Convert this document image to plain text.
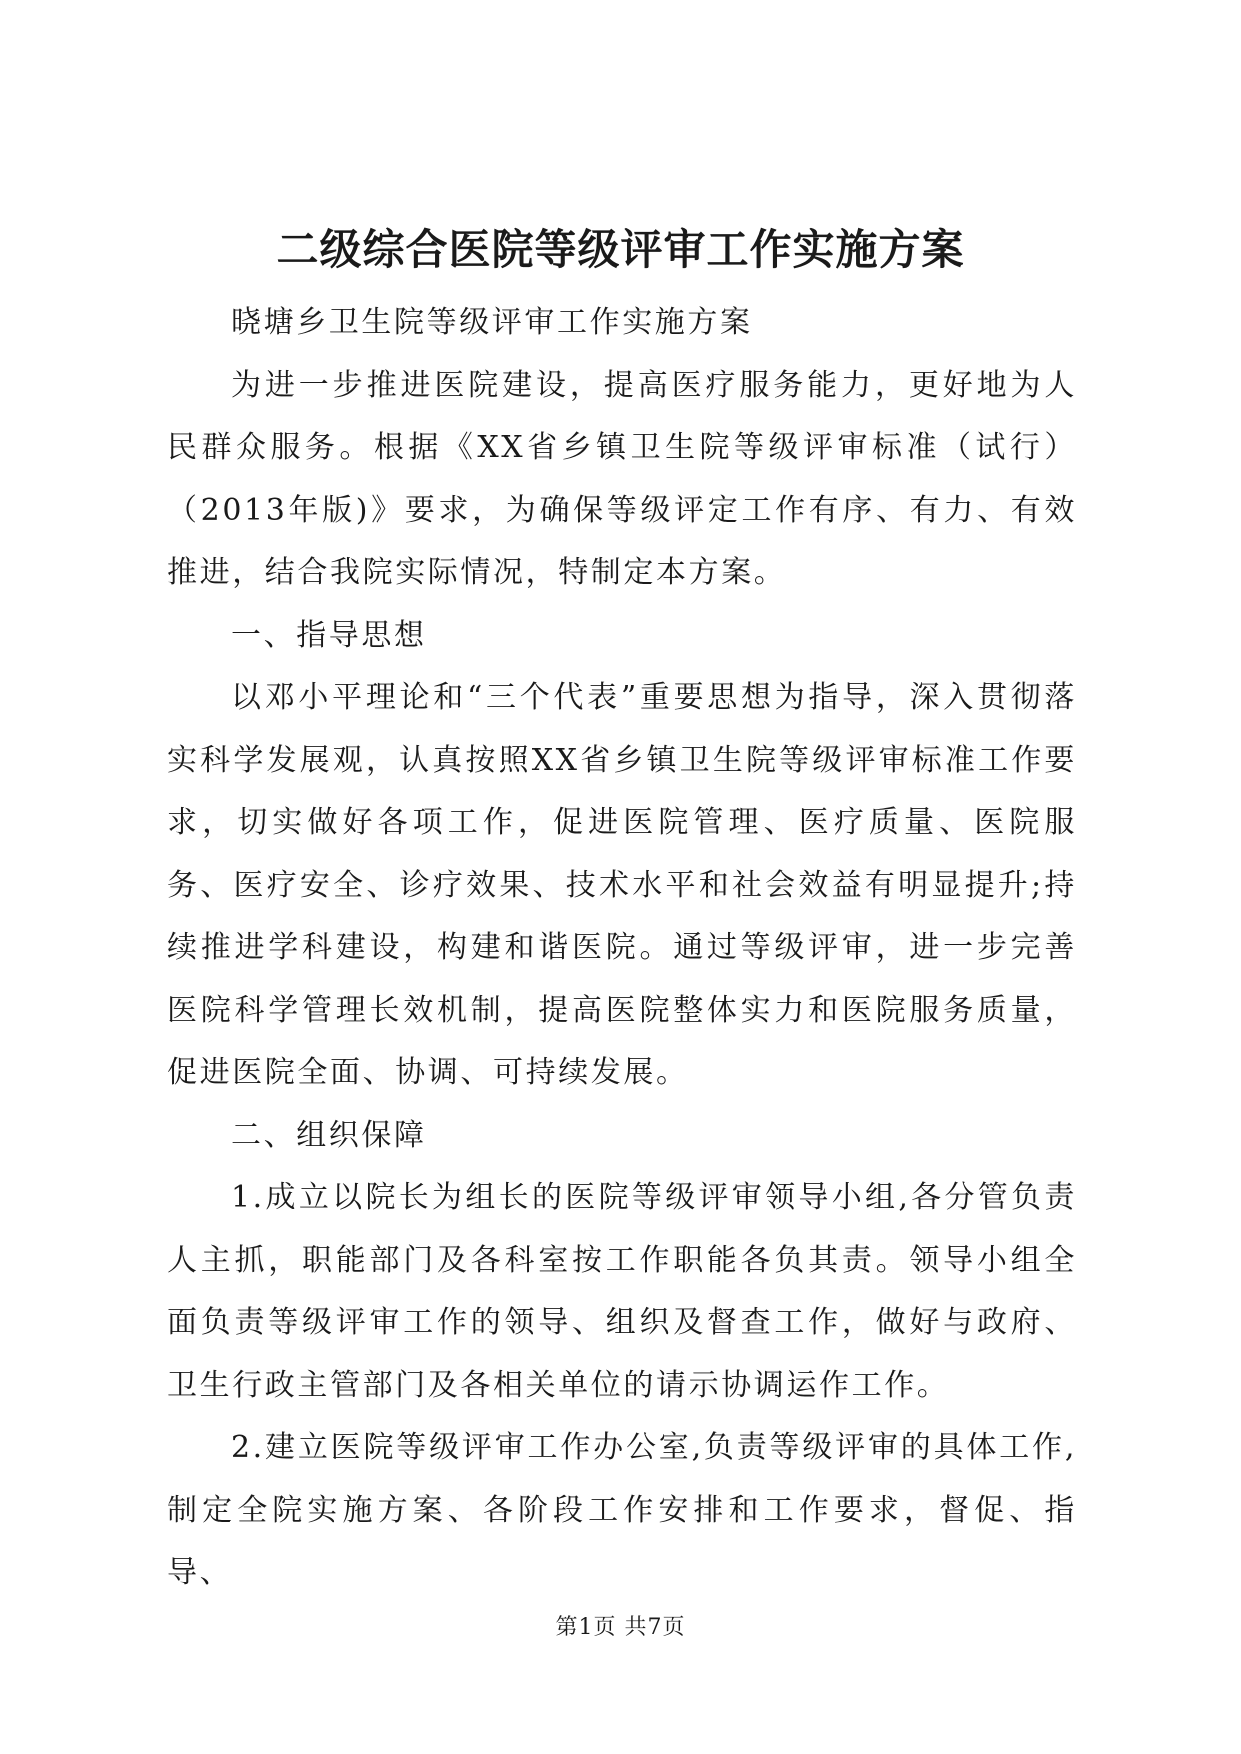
二级综合医院等级评审工作实施方案

晓塘乡卫生院等级评审工作实施方案

为进一步推进医院建设，提高医疗服务能力，更好地为人民群众服务。根据《XX省乡镇卫生院等级评审标准（试行）（2013年版)》要求，为确保等级评定工作有序、有力、有效推进，结合我院实际情况，特制定本方案。

一、指导思想

以邓小平理论和“三个代表”重要思想为指导，深入贯彻落实科学发展观，认真按照XX省乡镇卫生院等级评审标准工作要求，切实做好各项工作，促进医院管理、医疗质量、医院服务、医疗安全、诊疗效果、技术水平和社会效益有明显提升;持续推进学科建设，构建和谐医院。通过等级评审，进一步完善医院科学管理长效机制，提高医院整体实力和医院服务质量，促进医院全面、协调、可持续发展。

二、组织保障

1.成立以院长为组长的医院等级评审领导小组,各分管负责人主抓，职能部门及各科室按工作职能各负其责。领导小组全面负责等级评审工作的领导、组织及督查工作，做好与政府、卫生行政主管部门及各相关单位的请示协调运作工作。

2.建立医院等级评审工作办公室,负责等级评审的具体工作,制定全院实施方案、各阶段工作安排和工作要求，督促、指导、

第1页 共7页
